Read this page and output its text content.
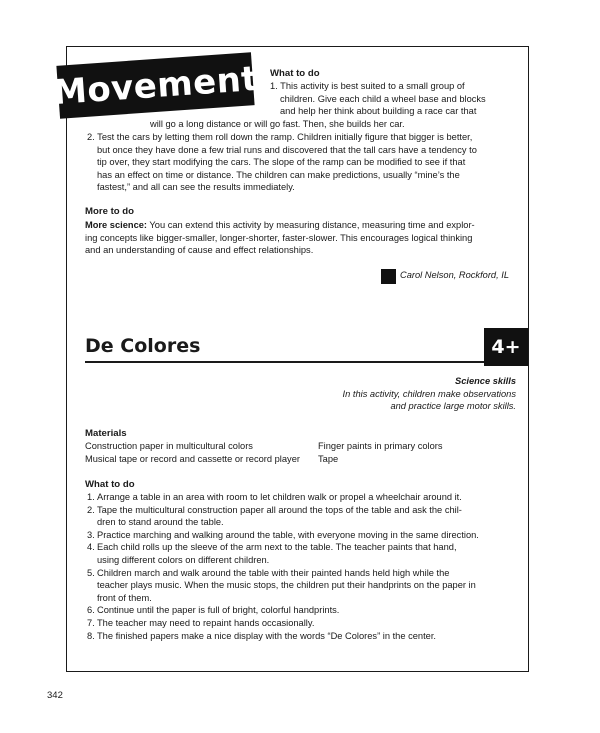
Movement What to do

1. This activity is best suited to a small group of
children. Give each child a wheel base and blocks
and help her think about building a race car that
will go a long distance or will go fast. Then, she builds her car.
2. Test the cars by letting them roll down the ramp. Children initially figure that bigger is better,
but once they have done a few trial runs and discovered that the tall cars have a tendency to
tip over, they start modifying the cars. The slope of the ramp can be modified to see if that
has an effect on time or distance. The children can make predictions, usually “mine’s the
fastest,” and all can see the results immediately.

More to do

More science: You can extend this activity by measuring distance, measuring time and explor-
ing concepts like bigger-smaller, longer-shorter, faster-slower. This encourages logical thinking
and an understanding of cause and effect relationships.
Carol Nelson, Rockford, IL
De Colores	4+
Science skills
In this activity, children make observations
and practice large motor skills.

Materials

Construction paper in multicultural colors
Musical tape or record and cassette or record player
Finger paints in primary colors
Tape

What to do

1. Arrange a table in an area with room to let children walk or propel a wheelchair around it.
2. Tape the multicultural construction paper all around the tops of the table and ask the chil-
dren to stand around the table.
3. Practice marching and walking around the table, with everyone moving in the same direction.
4. Each child rolls up the sleeve of the arm next to the table. The teacher paints that hand,
using different colors on different children.
5. Children march and walk around the table with their painted hands held high while the
teacher plays music. When the music stops, the children put their handprints on the paper in
front of them.
6. Continue until the paper is full of bright, colorful handprints.
7. The teacher may need to repaint hands occasionally.
8. The finished papers make a nice display with the words “De Colores” in the center.
342
